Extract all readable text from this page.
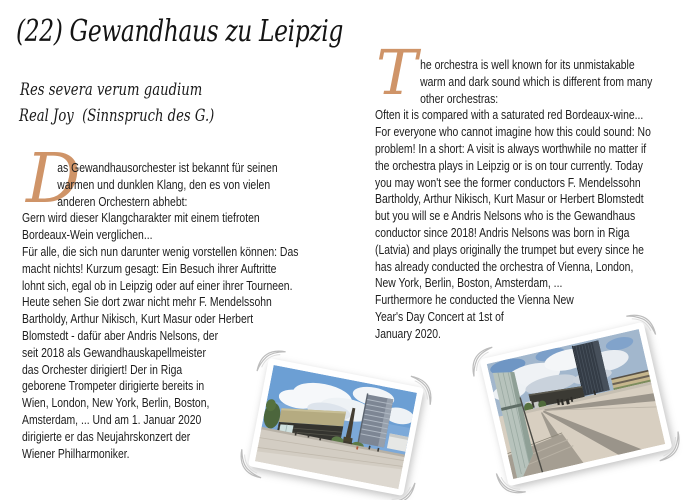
(22) Gewandhaus zu Leipzig
Res severa verum gaudium
Real Joy  (Sinnspruch des G.)
D
as Gewandhausorchester ist bekannt für seinen
warmen und dunklen Klang, den es von vielen
anderen Orchestern abhebt:
Gern wird dieser Klangcharakter mit einem tiefroten
Bordeaux-Wein verglichen...
Für alle, die sich nun darunter wenig vorstellen können: Das
macht nichts! Kurzum gesagt: Ein Besuch ihrer Auftritte
lohnt sich, egal ob in Leipzig oder auf einer ihrer Tourneen.
Heute sehen Sie dort zwar nicht mehr F. Mendelssohn
Bartholdy, Arthur Nikisch, Kurt Masur oder Herbert
Blomstedt - dafür aber Andris Nelsons, der
seit 2018 als Gewandhauskapellmeister
das Orchester dirigiert! Der in Riga
geborene Trompeter dirigierte bereits in
Wien, London, New York, Berlin, Boston,
Amsterdam, ... Und am 1. Januar 2020
dirigierte er das Neujahrskonzert der
Wiener Philharmoniker.
T he orchestra is well known for its unmistakable
warm and dark sound which is different from many
other orchestras:
Often it is compared with a saturated red Bordeaux-wine...
For everyone who cannot imagine how this could sound: No
problem! In a short: A visit is always worthwhile no matter if
the orchestra plays in Leipzig or is on tour currently. Today
you may won't see the former conductors F. Mendelssohn
Bartholdy, Arthur Nikisch, Kurt Masur or Herbert Blomstedt
but you will se e Andris Nelsons who is the Gewandhaus
conductor since 2018! Andris Nelsons was born in Riga
(Latvia) and plays originally the trumpet but every since he
has already conducted the orchestra of Vienna, London,
New York, Berlin, Boston, Amsterdam, ...
Furthermore he conducted the Vienna New
Year's Day Concert at 1st of
January 2020.
